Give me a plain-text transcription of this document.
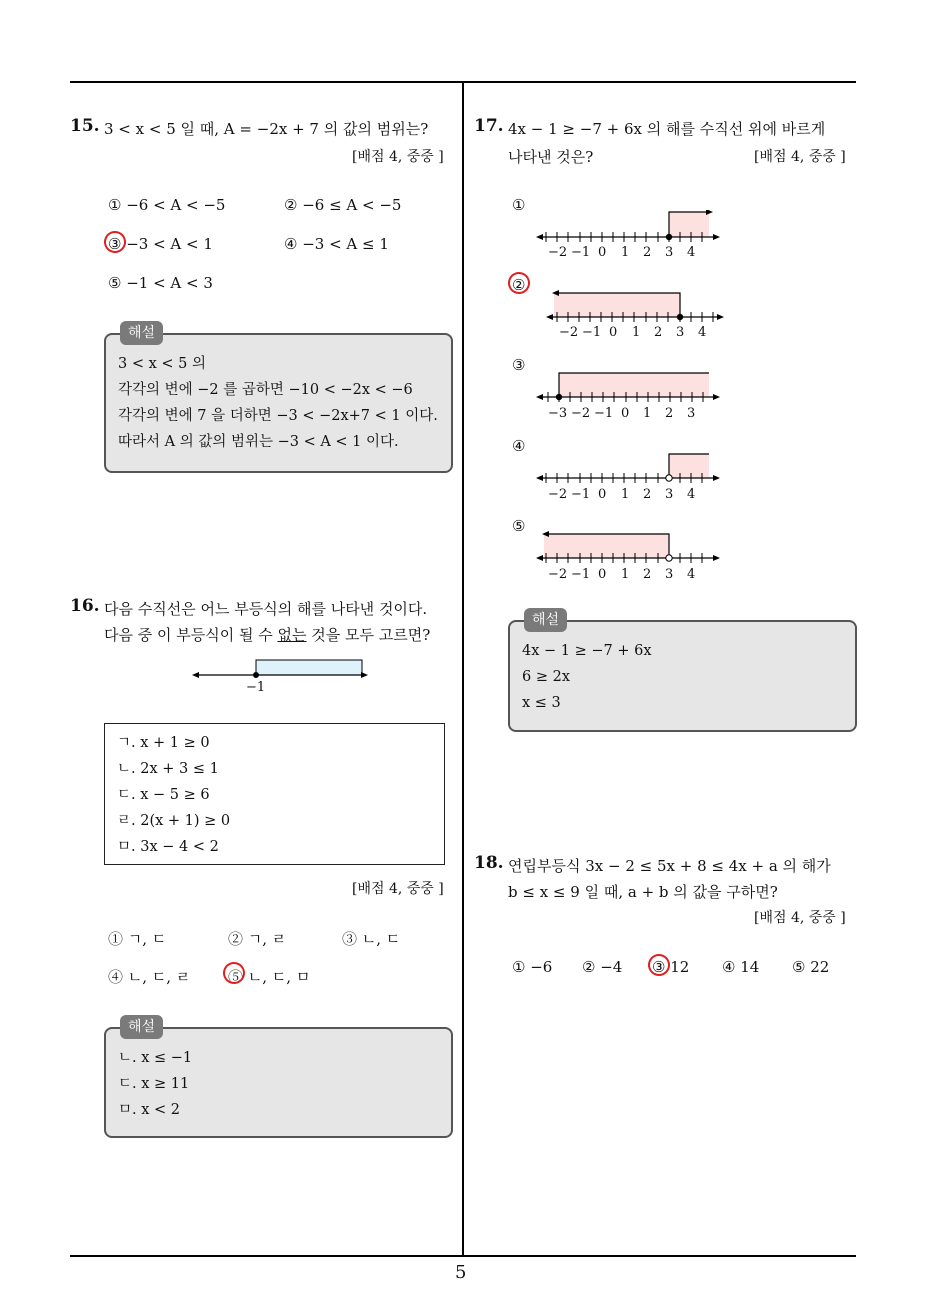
5
15. 3 < x < 5 일 때, A = −2x + 7 의 값의 범위는?
[배점 4, 중중 ]
① −6 < A < −5	② −6 ≤ A < −5
③ −3 < A < 1	④ −3 < A ≤ 1
⑤ −1 < A < 3
3 < x < 5 의
각각의 변에 −2 를 곱하면 −10 < −2x < −6
각각의 변에 7 을 더하면 −3 < −2x+7 < 1 이다.
따라서 A 의 값의 범위는 −3 < A < 1 이다.
해설
16. 다음 수직선은 어느 부등식의 해를 나타낸 것이다.
다음 중 이 부등식이 될 수 없는 것을 모두 고르면?
−1
ㄱ. x + 1 ≥ 0
ㄴ. 2x + 3 ≤ 1
ㄷ. x − 5 ≥ 6
ㄹ. 2(x + 1) ≥ 0
ㅁ. 3x − 4 < 2
[배점 4, 중중 ]
① ㄱ, ㄷ	② ㄱ, ㄹ	③ ㄴ, ㄷ
④ ㄴ, ㄷ, ㄹ	⑤ ㄴ, ㄷ, ㅁ
ㄴ. x ≤ −1
ㄷ. x ≥ 11
ㅁ. x < 2
해설
17. 4x − 1 ≥ −7 + 6x 의 해를 수직선 위에 바르게
나타낸 것은?	[배점 4, 중중 ]
①
②
③
④
⑤
−2 −1 0 1 2 3 4
−2 −1 0 1 2 3 4
−3 −2 −1 0 1 2 3
−2 −1 0 1 2 3 4
−2 −1 0 1 2 3 4
4x − 1 ≥ −7 + 6x
6 ≥ 2x
x ≤ 3
해설
18. 연립부등식 3x − 2 ≤ 5x + 8 ≤ 4x + a 의 해가
b ≤ x ≤ 9 일 때, a + b 의 값을 구하면?
[배점 4, 중중 ]
① −6 ② −4 ③ 12 ④ 14 ⑤ 22
